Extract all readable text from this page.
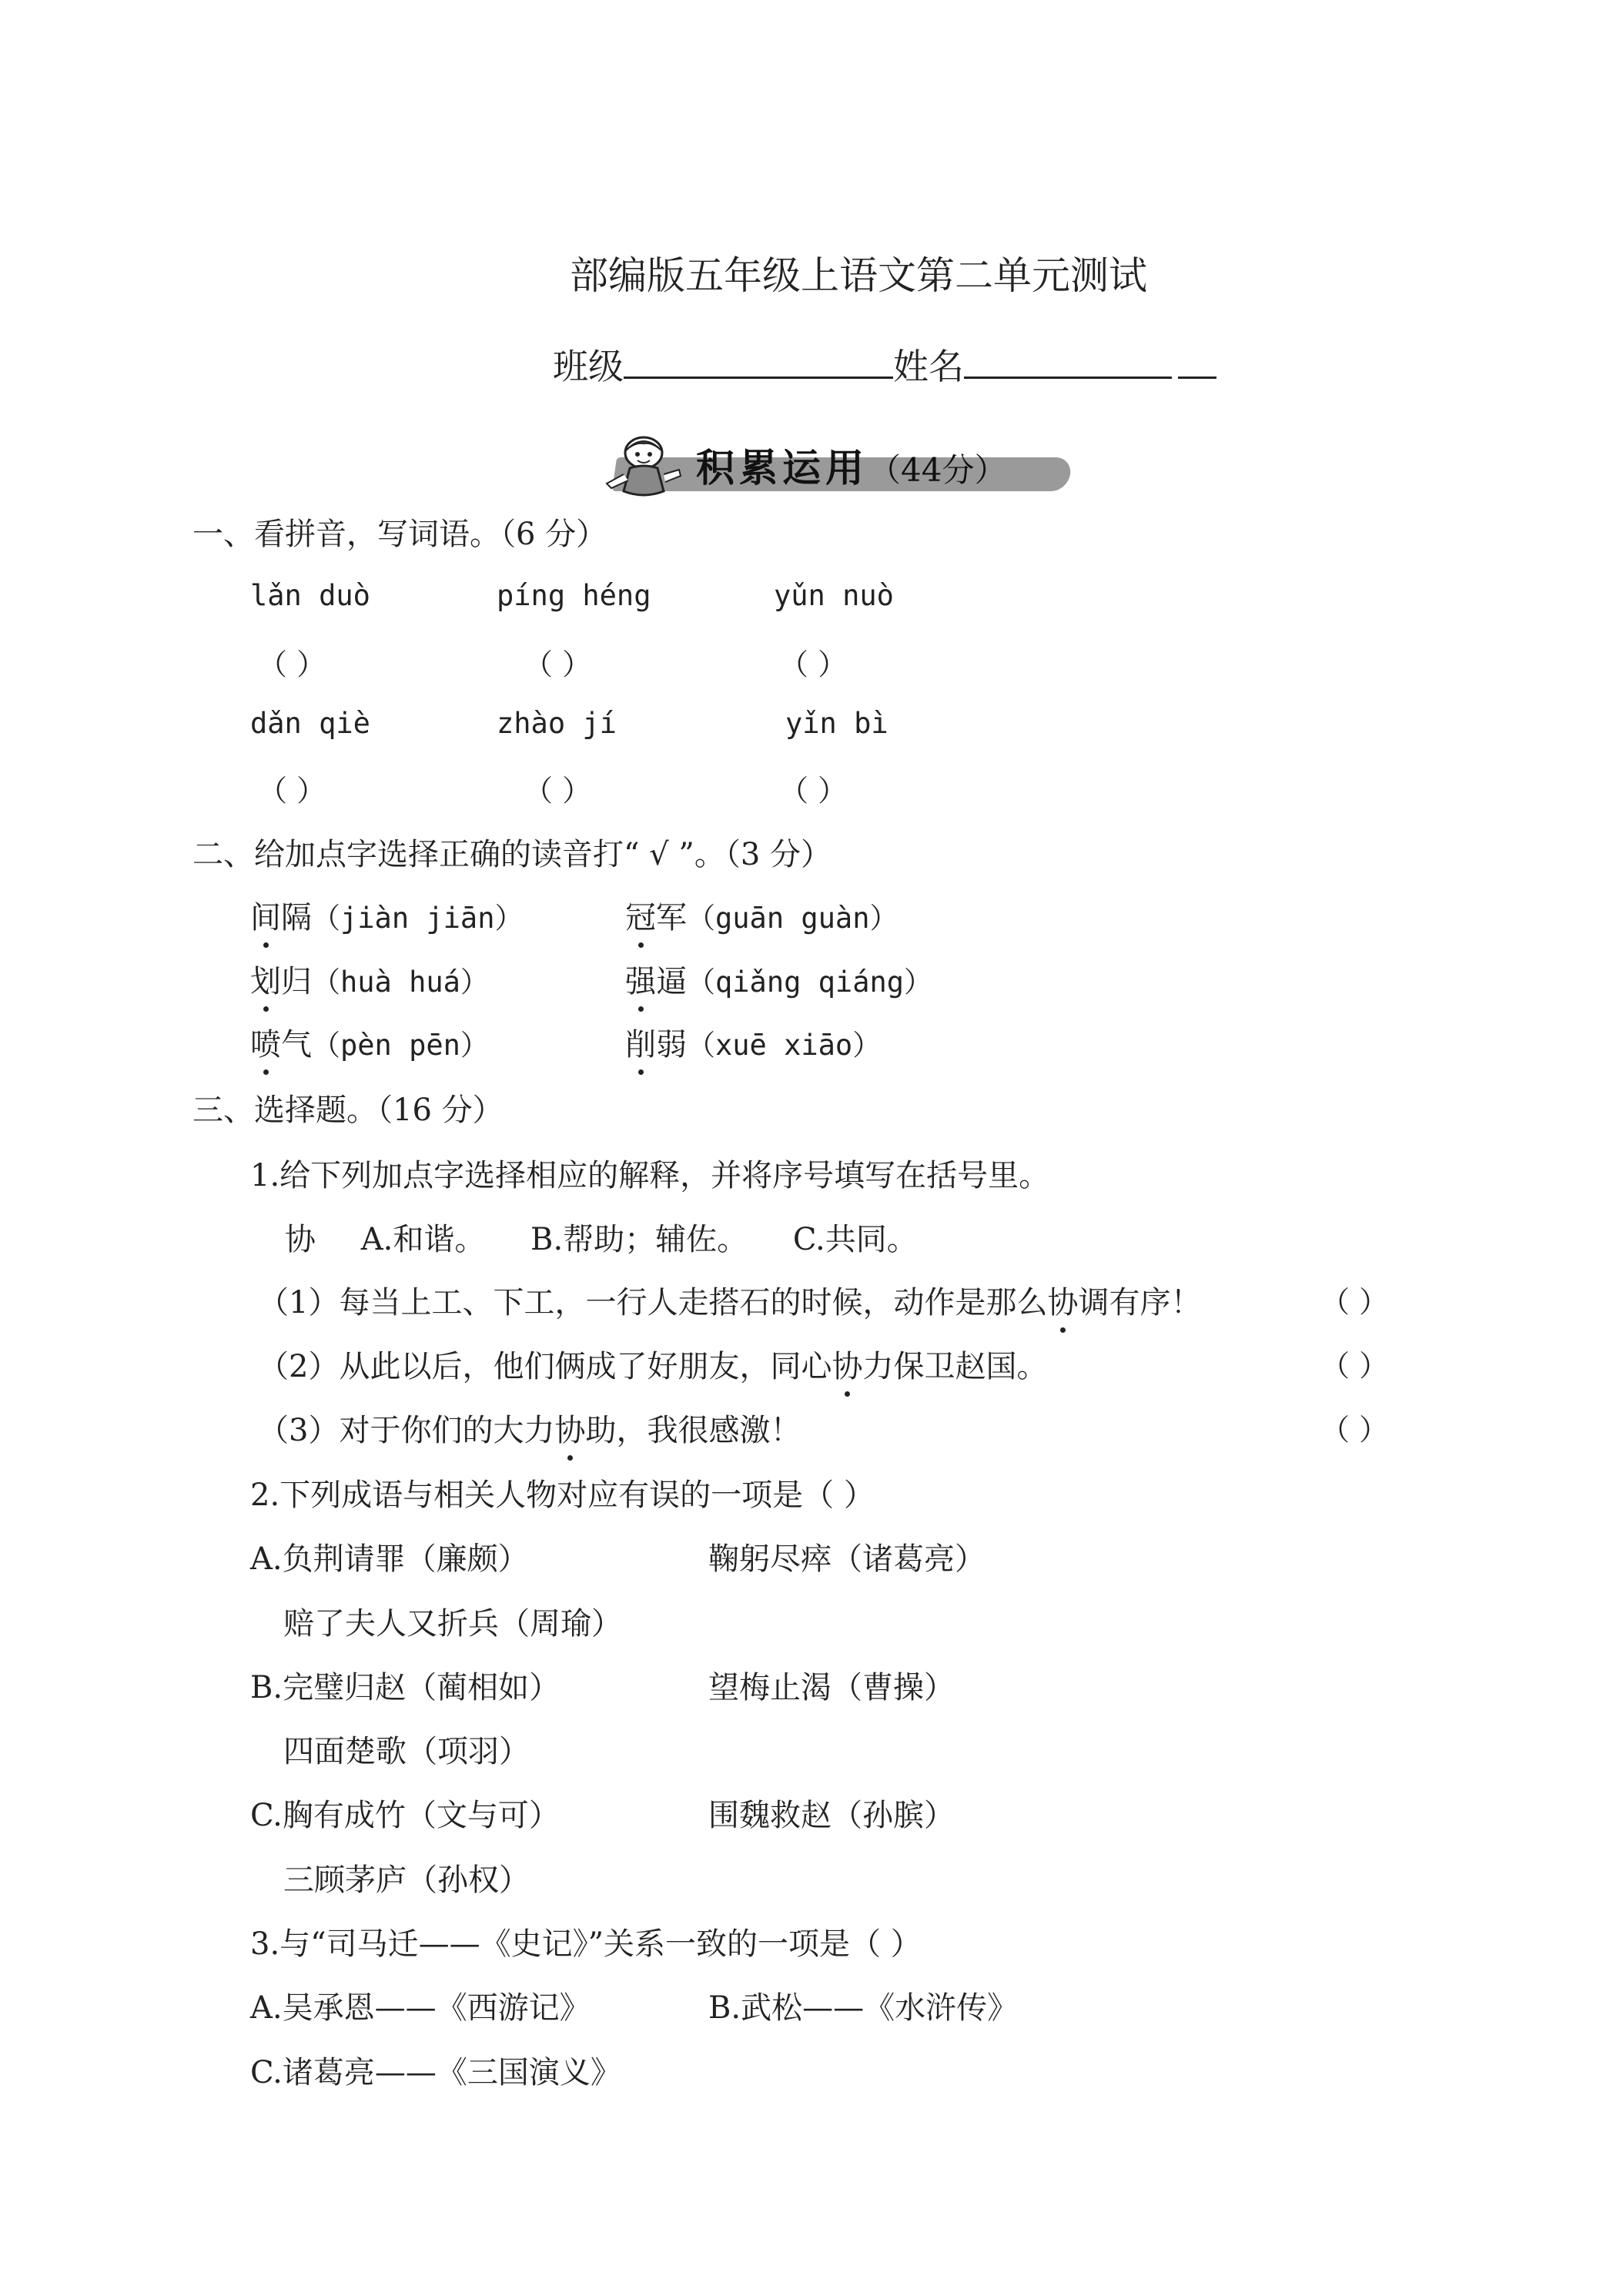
部编版五年级上语文第二单元测试
班级	姓名
积累运用（44分）
一、看拼音，写词语。（6 分）
lǎn duò	píng héng	yǔn nuò
（ ）	（ ）	（ ）
dǎn qiè	zhào jí	yǐn bì
（ ）	（ ）	（ ）
二、给加点字选择正确的读音打“ √ ”。（3 分）
间隔（jiàn jiān）	冠军（guān guàn）
划归（huà huá）	强逼（qiǎng qiáng）
喷气（pèn pēn）	削弱（xuē xiāo）
三、选择题。（16 分）
1.给下列加点字选择相应的解释，并将序号填写在括号里。
协 A.和谐。 B.帮助；辅佐。 C.共同。
（1）每当上工、下工，一行人走搭石的时候，动作是那么协调有序！	（ ）
（2）从此以后，他们俩成了好朋友，同心协力保卫赵国。	（ ）
（3）对于你们的大力协助，我很感激！	（ ）
2.下列成语与相关人物对应有误的一项是（ ）
A.负荆请罪（廉颇）	鞠躬尽瘁（诸葛亮）
赔了夫人又折兵（周瑜）
B.完璧归赵（蔺相如）	望梅止渴（曹操）
四面楚歌（项羽）
C.胸有成竹（文与可）	围魏救赵（孙膑）
三顾茅庐（孙权）
3.与“司马迁——《史记》”关系一致的一项是（ ）
A.吴承恩——《西游记》	B.武松——《水浒传》
C.诸葛亮——《三国演义》
